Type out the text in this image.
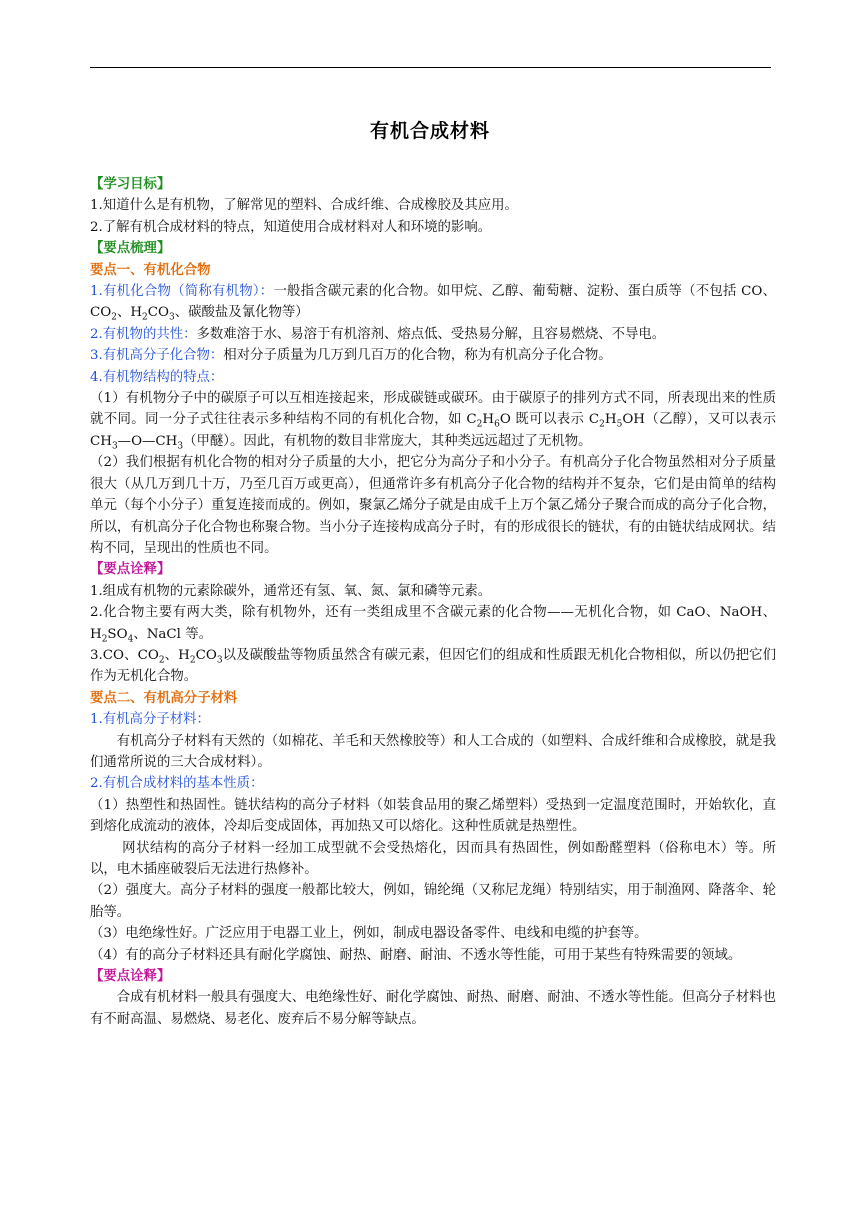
有机合成材料

【学习目标】

1.知道什么是有机物，了解常见的塑料、合成纤维、合成橡胶及其应用。

2.了解有机合成材料的特点，知道使用合成材料对人和环境的影响。

【要点梳理】

要点一、有机化合物

1.有机化合物（简称有机物）：一般指含碳元素的化合物。如甲烷、乙醇、葡萄糖、淀粉、蛋白质等（不包括 CO、$CO_2$、$H_2CO_3$、碳酸盐及氰化物等）

2.有机物的共性：多数难溶于水、易溶于有机溶剂、熔点低、受热易分解，且容易燃烧、不导电。

3.有机高分子化合物：相对分子质量为几万到几百万的化合物，称为有机高分子化合物。

4.有机物结构的特点：

（1）有机物分子中的碳原子可以互相连接起来，形成碳链或碳环。由于碳原子的排列方式不同，所表现出来的性质就不同。同一分子式往往表示多种结构不同的有机化合物，如 $C_2H_6O$ 既可以表示 $C_2H_5OH$（乙醇），又可以表示 $CH_3—O—CH_3$（甲醚）。因此，有机物的数目非常庞大，其种类远远超过了无机物。

（2）我们根据有机化合物的相对分子质量的大小，把它分为高分子和小分子。有机高分子化合物虽然相对分子质量很大（从几万到几十万，乃至几百万或更高），但通常许多有机高分子化合物的结构并不复杂，它们是由简单的结构单元（每个小分子）重复连接而成的。例如，聚氯乙烯分子就是由成千上万个氯乙烯分子聚合而成的高分子化合物，所以，有机高分子化合物也称聚合物。当小分子连接构成高分子时，有的形成很长的链状，有的由链状结成网状。结构不同，呈现出的性质也不同。

【要点诠释】

1.组成有机物的元素除碳外，通常还有氢、氧、氮、氯和磷等元素。

2.化合物主要有两大类，除有机物外，还有一类组成里不含碳元素的化合物——无机化合物，如 CaO、NaOH、$H_2SO_4$、NaCl 等。

3.CO、$CO_2$、$H_2CO_3$以及碳酸盐等物质虽然含有碳元素，但因它们的组成和性质跟无机化合物相似，所以仍把它们作为无机化合物。

要点二、有机高分子材料

1.有机高分子材料：

有机高分子材料有天然的（如棉花、羊毛和天然橡胶等）和人工合成的（如塑料、合成纤维和合成橡胶，就是我们通常所说的三大合成材料）。

2.有机合成材料的基本性质：

（1）热塑性和热固性。链状结构的高分子材料（如装食品用的聚乙烯塑料）受热到一定温度范围时，开始软化，直到熔化成流动的液体，冷却后变成固体，再加热又可以熔化。这种性质就是热塑性。

网状结构的高分子材料一经加工成型就不会受热熔化，因而具有热固性，例如酚醛塑料（俗称电木）等。所以，电木插座破裂后无法进行热修补。

（2）强度大。高分子材料的强度一般都比较大，例如，锦纶绳（又称尼龙绳）特别结实，用于制渔网、降落伞、轮胎等。

（3）电绝缘性好。广泛应用于电器工业上，例如，制成电器设备零件、电线和电缆的护套等。

（4）有的高分子材料还具有耐化学腐蚀、耐热、耐磨、耐油、不透水等性能，可用于某些有特殊需要的领域。

【要点诠释】

合成有机材料一般具有强度大、电绝缘性好、耐化学腐蚀、耐热、耐磨、耐油、不透水等性能。但高分子材料也有不耐高温、易燃烧、易老化、废弃后不易分解等缺点。
